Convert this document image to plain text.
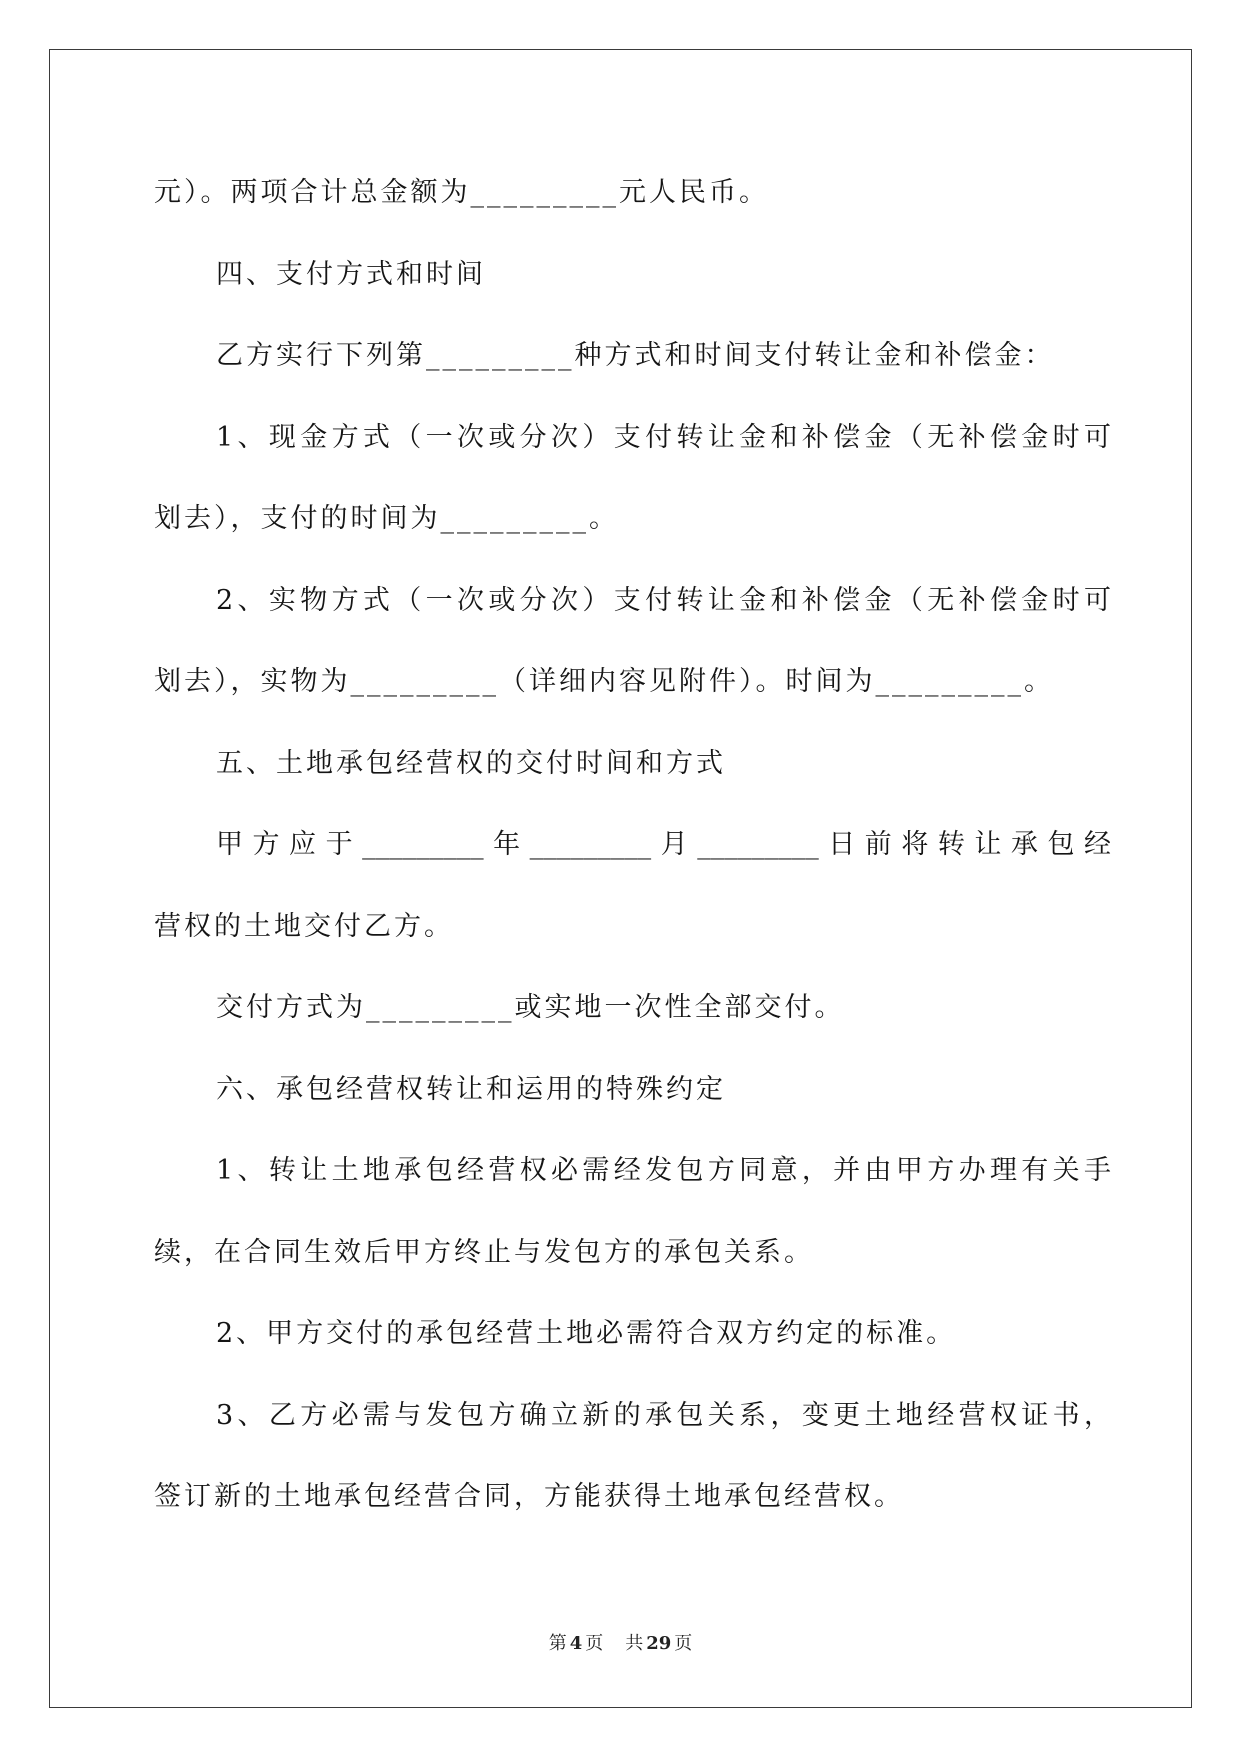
元）。两项合计总金额为_________元人民币。
四、支付方式和时间
乙方实行下列第_________种方式和时间支付转让金和补偿金：
1、现金方式（一次或分次）支付转让金和补偿金（无补偿金时可
划去），支付的时间为_________。
2、实物方式（一次或分次）支付转让金和补偿金（无补偿金时可
划去），实物为_________（详细内容见附件）。时间为_________。
五、土地承包经营权的交付时间和方式
甲方应于_________年_________月_________日前将转让承包经
营权的土地交付乙方。
交付方式为_________或实地一次性全部交付。
六、承包经营权转让和运用的特殊约定
1、转让土地承包经营权必需经发包方同意，并由甲方办理有关手
续，在合同生效后甲方终止与发包方的承包关系。
2、甲方交付的承包经营土地必需符合双方约定的标准。
3、乙方必需与发包方确立新的承包关系，变更土地经营权证书，
签订新的土地承包经营合同，方能获得土地承包经营权。
第 4 页 共 29 页
